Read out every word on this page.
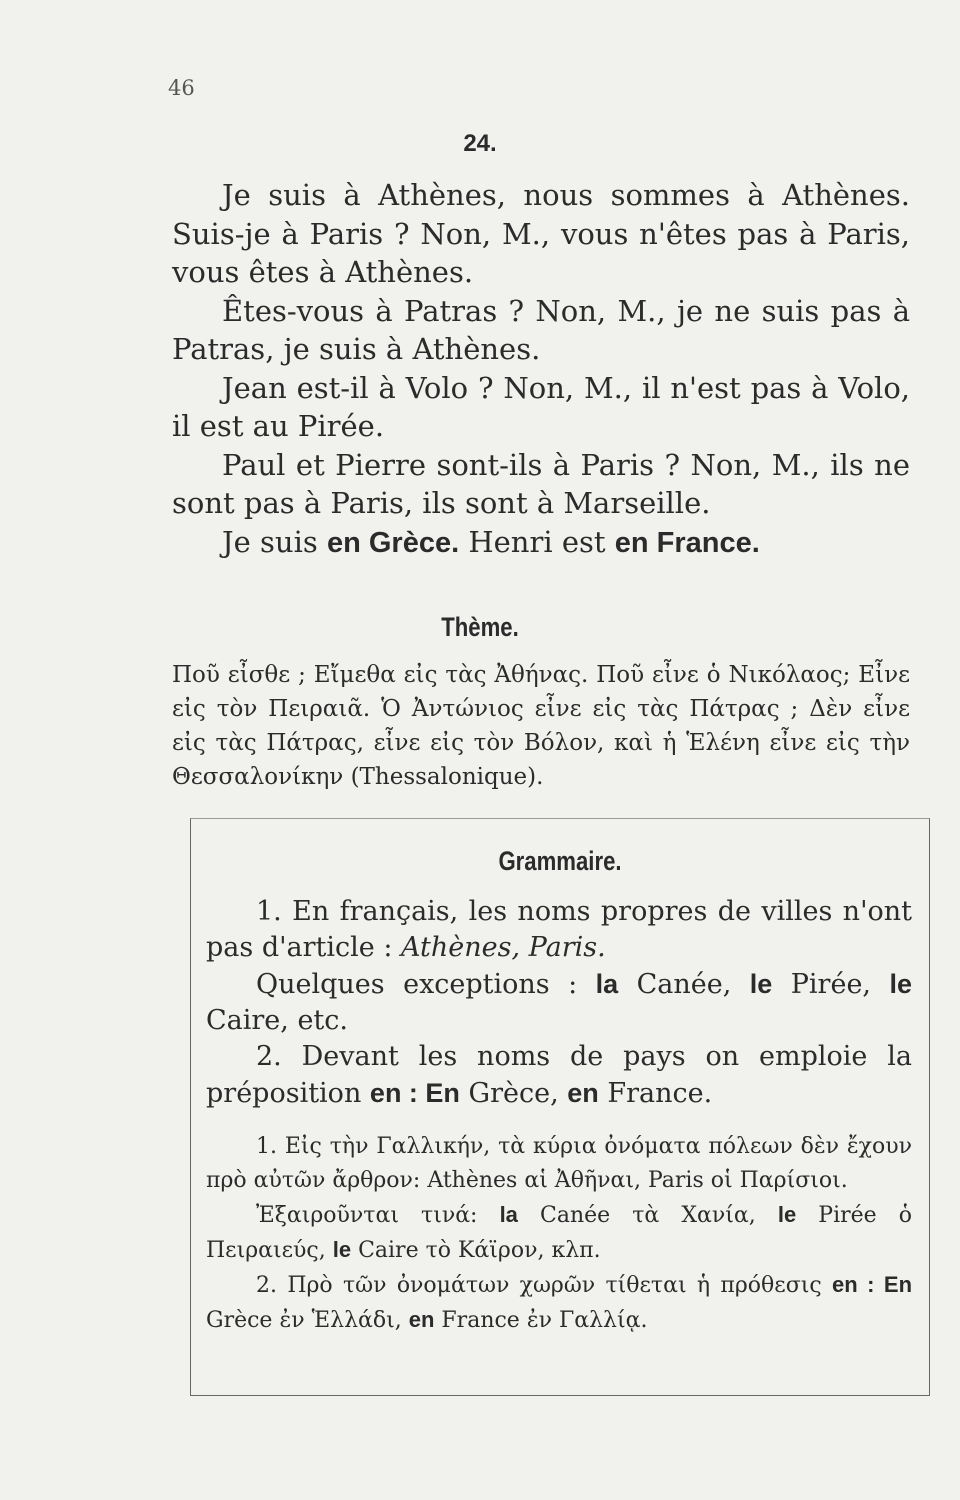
46
24.

Je suis à Athènes, nous sommes à Athènes. Suis-je à Paris ? Non, M., vous n'êtes pas à Paris, vous êtes à Athènes.

Êtes-vous à Patras ? Non, M., je ne suis pas à Patras, je suis à Athènes.

Jean est-il à Volo ? Non, M., il n'est pas à Volo, il est au Pirée.

Paul et Pierre sont-ils à Paris ? Non, M., ils ne sont pas à Paris, ils sont à Marseille.

Je suis en Grèce. Henri est en France.

Thème.
Ποῦ εἶσθε ; Εἴμεθα εἰς τὰς Ἀθήνας. Ποῦ εἶνε ὁ Νικόλαος; Εἶνε εἰς τὸν Πειραιᾶ. Ὁ Ἀντώνιος εἶνε εἰς τὰς Πάτρας ; Δὲν εἶνε εἰς τὰς Πάτρας, εἶνε εἰς τὸν Βόλον, καὶ ἡ Ἑλένη εἶνε εἰς τὴν Θεσσαλονίκην (Thessalonique).
Grammaire.

1. En français, les noms propres de villes n'ont pas d'article : Athènes, Paris.

Quelques exceptions : la Canée, le Pirée, le Caire, etc.

2. Devant les noms de pays on emploie la préposition en : En Grèce, en France.

1. Εἰς τὴν Γαλλικήν, τὰ κύρια ὀνόματα πόλεων δὲν ἔχουν πρὸ αὐτῶν ἄρθρον: Athènes αἱ Ἀθῆναι, Paris οἱ Παρίσιοι.

Ἐξαιροῦνται τινά: la Canée τὰ Χανία, le Pirée ὁ Πειραιεύς, le Caire τὸ Κάϊρον, κλπ.

2. Πρὸ τῶν ὀνομάτων χωρῶν τίθεται ἡ πρόθεσις en : En Grèce ἐν Ἑλλάδι, en France ἐν Γαλλίᾳ.
